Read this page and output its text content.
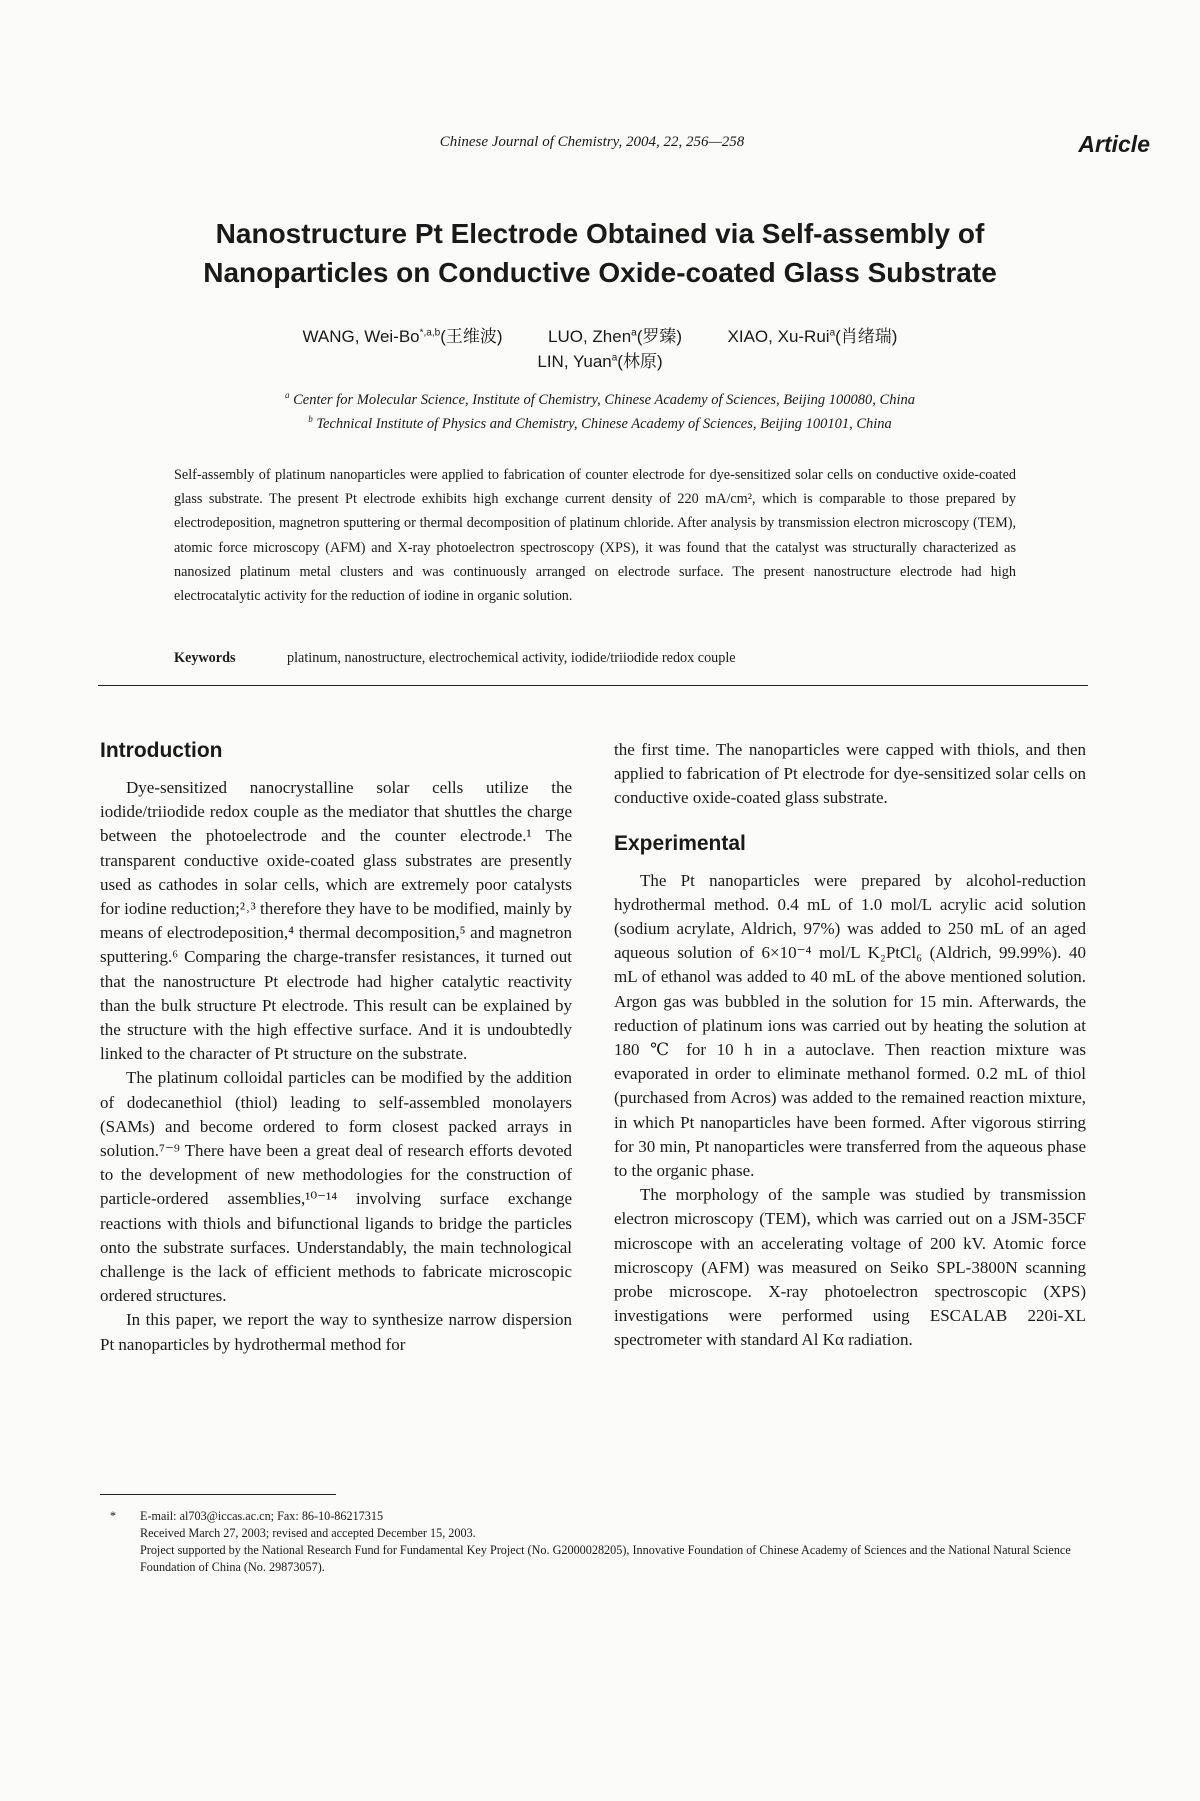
Chinese Journal of Chemistry, 2004, 22, 256—258	Article
Nanostructure Pt Electrode Obtained via Self-assembly of Nanoparticles on Conductive Oxide-coated Glass Substrate
WANG, Wei-$Bo^{*,a,b}$(王维波)	LUO, Zhen$^a$(罗臻)	XIAO, Xu-Rui$^a$(肖绪瑞)
LIN, Yuan$^a$(林原)
$^a$ Center for Molecular Science, Institute of Chemistry, Chinese Academy of Sciences, Beijing 100080, China
$^b$ Technical Institute of Physics and Chemistry, Chinese Academy of Sciences, Beijing 100101, China

Self-assembly of platinum nanoparticles were applied to fabrication of counter electrode for dye-sensitized solar cells on conductive oxide-coated glass substrate. The present Pt electrode exhibits high exchange current density of 220 mA/cm², which is comparable to those prepared by electrodeposition, magnetron sputtering or thermal decomposition of platinum chloride. After analysis by transmission electron microscopy (TEM), atomic force microscopy (AFM) and X-ray photoelectron spectroscopy (XPS), it was found that the catalyst was structurally characterized as nanosized platinum metal clusters and was continuously arranged on electrode surface. The present nanostructure electrode had high electrocatalytic activity for the reduction of iodine in organic solution.

Keywords	platinum, nanostructure, electrochemical activity, iodide/triiodide redox couple
Introduction

Dye-sensitized nanocrystalline solar cells utilize the iodide/triiodide redox couple as the mediator that shuttles the charge between the photoelectrode and the counter electrode.¹ The transparent conductive oxide-coated glass substrates are presently used as cathodes in solar cells, which are extremely poor catalysts for iodine reduction;²˒³ therefore they have to be modified, mainly by means of electrodeposition,⁴ thermal decomposition,⁵ and magnetron sputtering.⁶ Comparing the charge-transfer resistances, it turned out that the nanostructure Pt electrode had higher catalytic reactivity than the bulk structure Pt electrode. This result can be explained by the structure with the high effective surface. And it is undoubtedly linked to the character of Pt structure on the substrate.

The platinum colloidal particles can be modified by the addition of dodecanethiol (thiol) leading to self-assembled monolayers (SAMs) and become ordered to form closest packed arrays in solution.⁷⁻⁹ There have been a great deal of research efforts devoted to the development of new methodologies for the construction of particle-ordered assemblies,¹⁰⁻¹⁴ involving surface exchange reactions with thiols and bifunctional ligands to bridge the particles onto the substrate surfaces. Understandably, the main technological challenge is the lack of efficient methods to fabricate microscopic ordered structures.

In this paper, we report the way to synthesize narrow dispersion Pt nanoparticles by hydrothermal method for

the first time. The nanoparticles were capped with thiols, and then applied to fabrication of Pt electrode for dye-sensitized solar cells on conductive oxide-coated glass substrate.

Experimental

The Pt nanoparticles were prepared by alcohol-reduction hydrothermal method. 0.4 mL of 1.0 mol/L acrylic acid solution (sodium acrylate, Aldrich, 97%) was added to 250 mL of an aged aqueous solution of 6×10⁻⁴ mol/L K₂PtCl₆ (Aldrich, 99.99%). 40 mL of ethanol was added to 40 mL of the above mentioned solution. Argon gas was bubbled in the solution for 15 min. Afterwards, the reduction of platinum ions was carried out by heating the solution at 180 ℃ for 10 h in a autoclave. Then reaction mixture was evaporated in order to eliminate methanol formed. 0.2 mL of thiol (purchased from Acros) was added to the remained reaction mixture, in which Pt nanoparticles have been formed. After vigorous stirring for 30 min, Pt nanoparticles were transferred from the aqueous phase to the organic phase.

The morphology of the sample was studied by transmission electron microscopy (TEM), which was carried out on a JSM-35CF microscope with an accelerating voltage of 200 kV. Atomic force microscopy (AFM) was measured on Seiko SPL-3800N scanning probe microscope. X-ray photoelectron spectroscopic (XPS) investigations were performed using ESCALAB 220i-XL spectrometer with standard Al Kα radiation.

* E-mail: al703@iccas.ac.cn; Fax: 86-10-86217315

Received March 27, 2003; revised and accepted December 15, 2003.

Project supported by the National Research Fund for Fundamental Key Project (No. G2000028205), Innovative Foundation of Chinese Academy of Sciences and the National Natural Science Foundation of China (No. 29873057).
